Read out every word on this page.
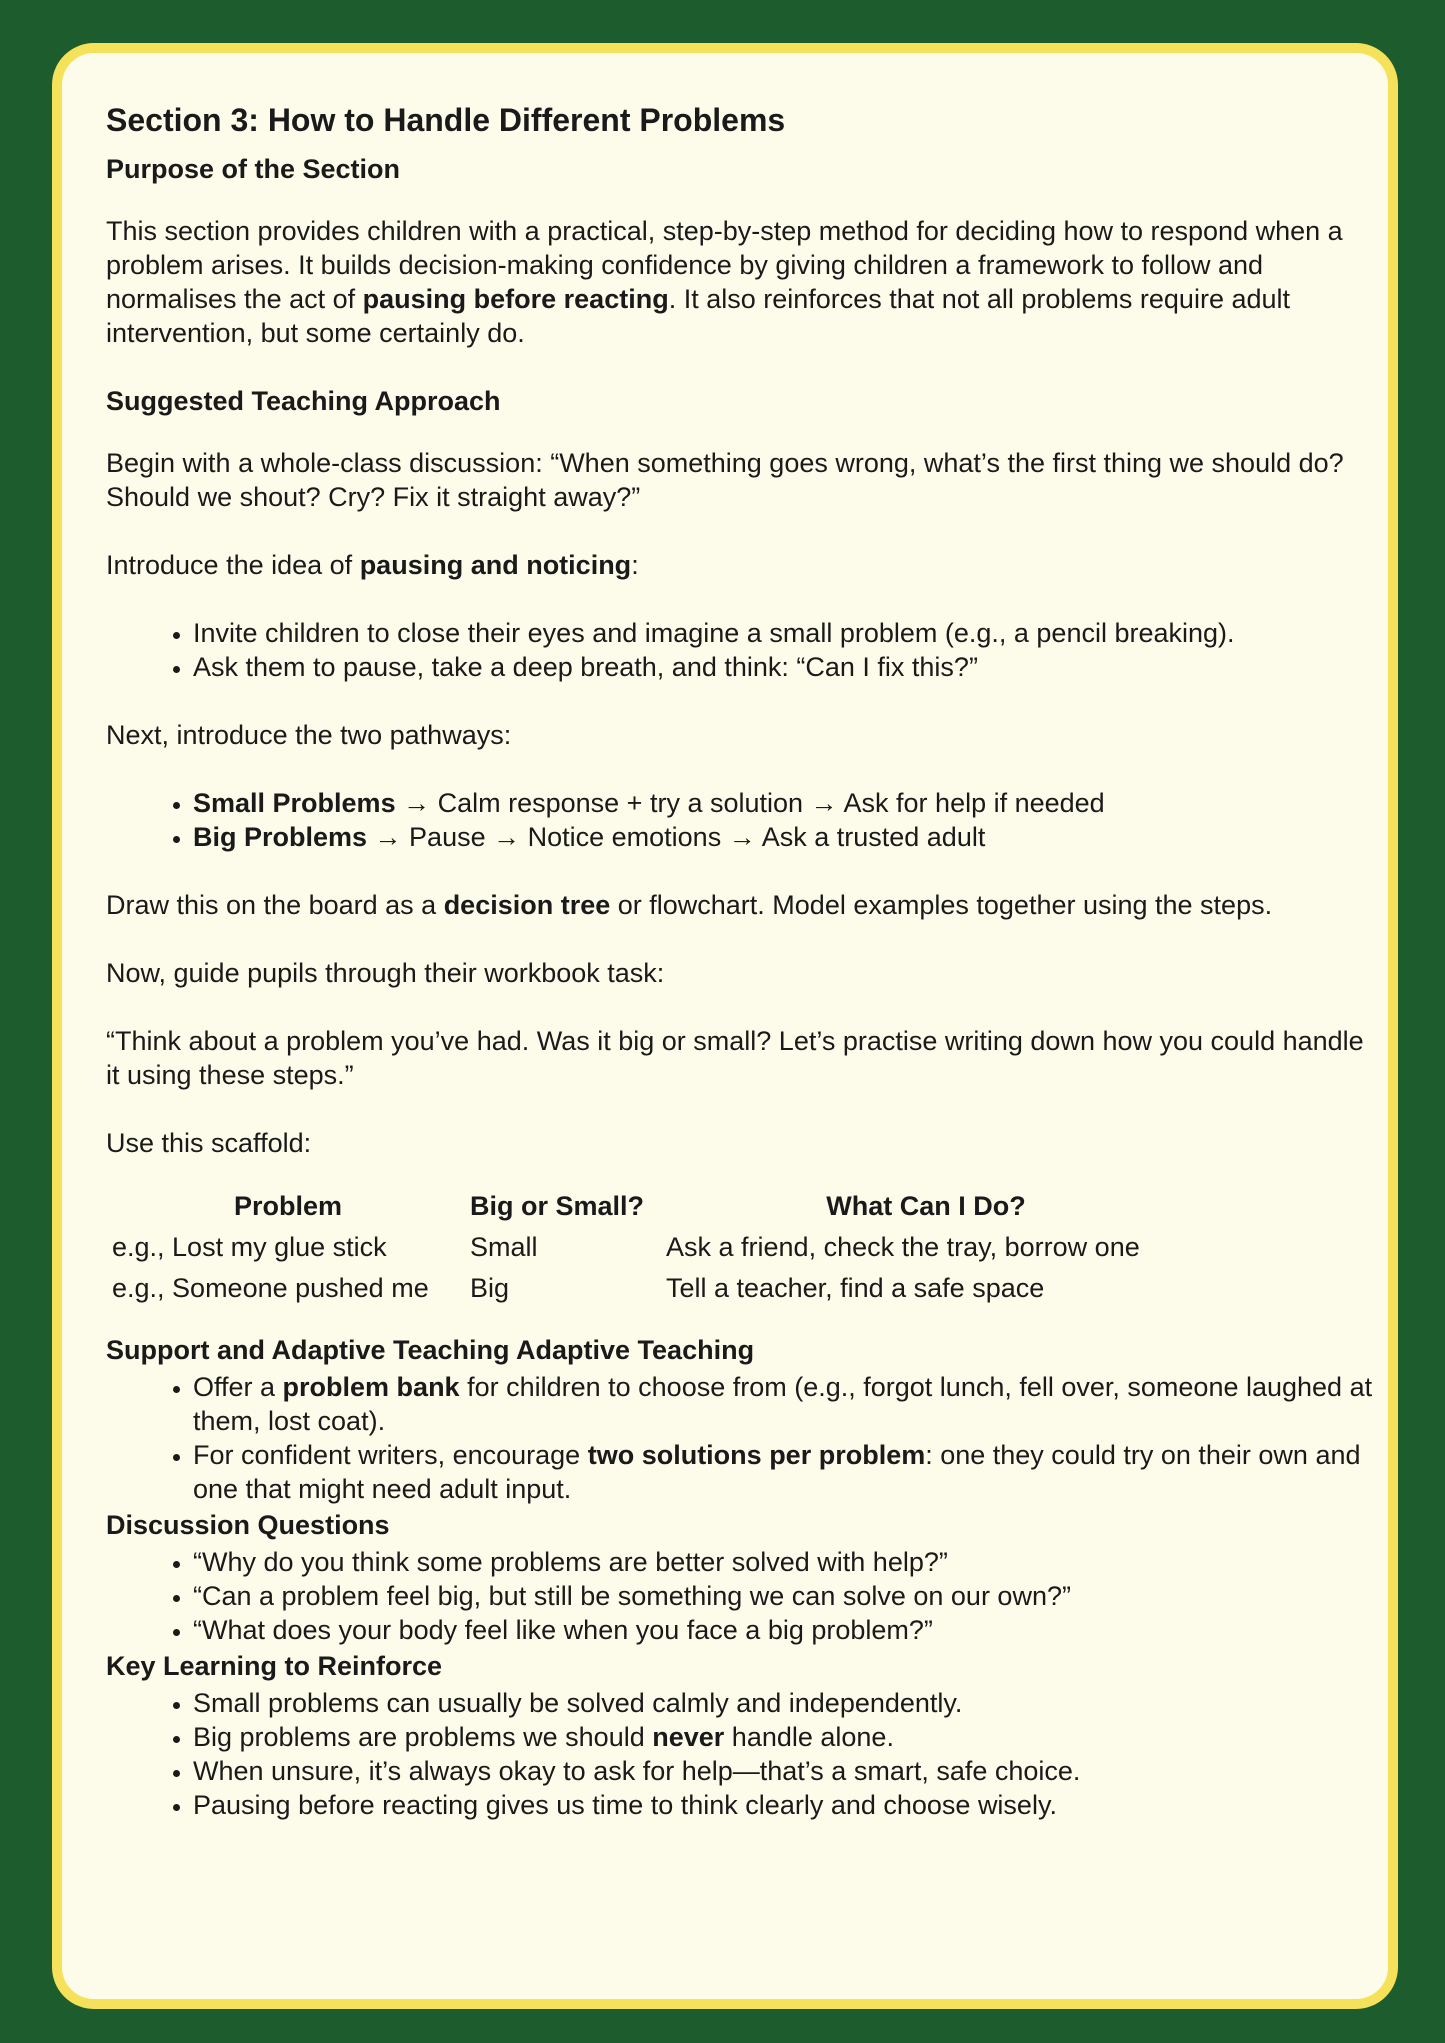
Section 3: How to Handle Different Problems
Purpose of the Section

This section provides children with a practical, step-by-step method for deciding how to respond when a problem arises. It builds decision-making confidence by giving children a framework to follow and normalises the act of pausing before reacting. It also reinforces that not all problems require adult intervention, but some certainly do.

Suggested Teaching Approach

Begin with a whole-class discussion: “When something goes wrong, what’s the first thing we should do? Should we shout? Cry? Fix it straight away?”

Introduce the idea of pausing and noticing:

• Invite children to close their eyes and imagine a small problem (e.g., a pencil breaking).
• Ask them to pause, take a deep breath, and think: “Can I fix this?”

Next, introduce the two pathways:

• Small Problems → Calm response + try a solution → Ask for help if needed
• Big Problems → Pause → Notice emotions → Ask a trusted adult

Draw this on the board as a decision tree or flowchart. Model examples together using the steps.

Now, guide pupils through their workbook task:

“Think about a problem you’ve had. Was it big or small? Let’s practise writing down how you could handle it using these steps.”

Use this scaffold:

Problem	Big or Small?	What Can I Do?
e.g., Lost my glue stick	Small	Ask a friend, check the tray, borrow one
e.g., Someone pushed me	Big	Tell a teacher, find a safe space
Support and Adaptive Teaching Adaptive Teaching
• Offer a problem bank for children to choose from (e.g., forgot lunch, fell over, someone laughed at them, lost coat).
• For confident writers, encourage two solutions per problem: one they could try on their own and one that might need adult input.
Discussion Questions
• “Why do you think some problems are better solved with help?”
• “Can a problem feel big, but still be something we can solve on our own?”
• “What does your body feel like when you face a big problem?”
Key Learning to Reinforce
• Small problems can usually be solved calmly and independently.
• Big problems are problems we should never handle alone.
• When unsure, it’s always okay to ask for help—that’s a smart, safe choice.
• Pausing before reacting gives us time to think clearly and choose wisely.
